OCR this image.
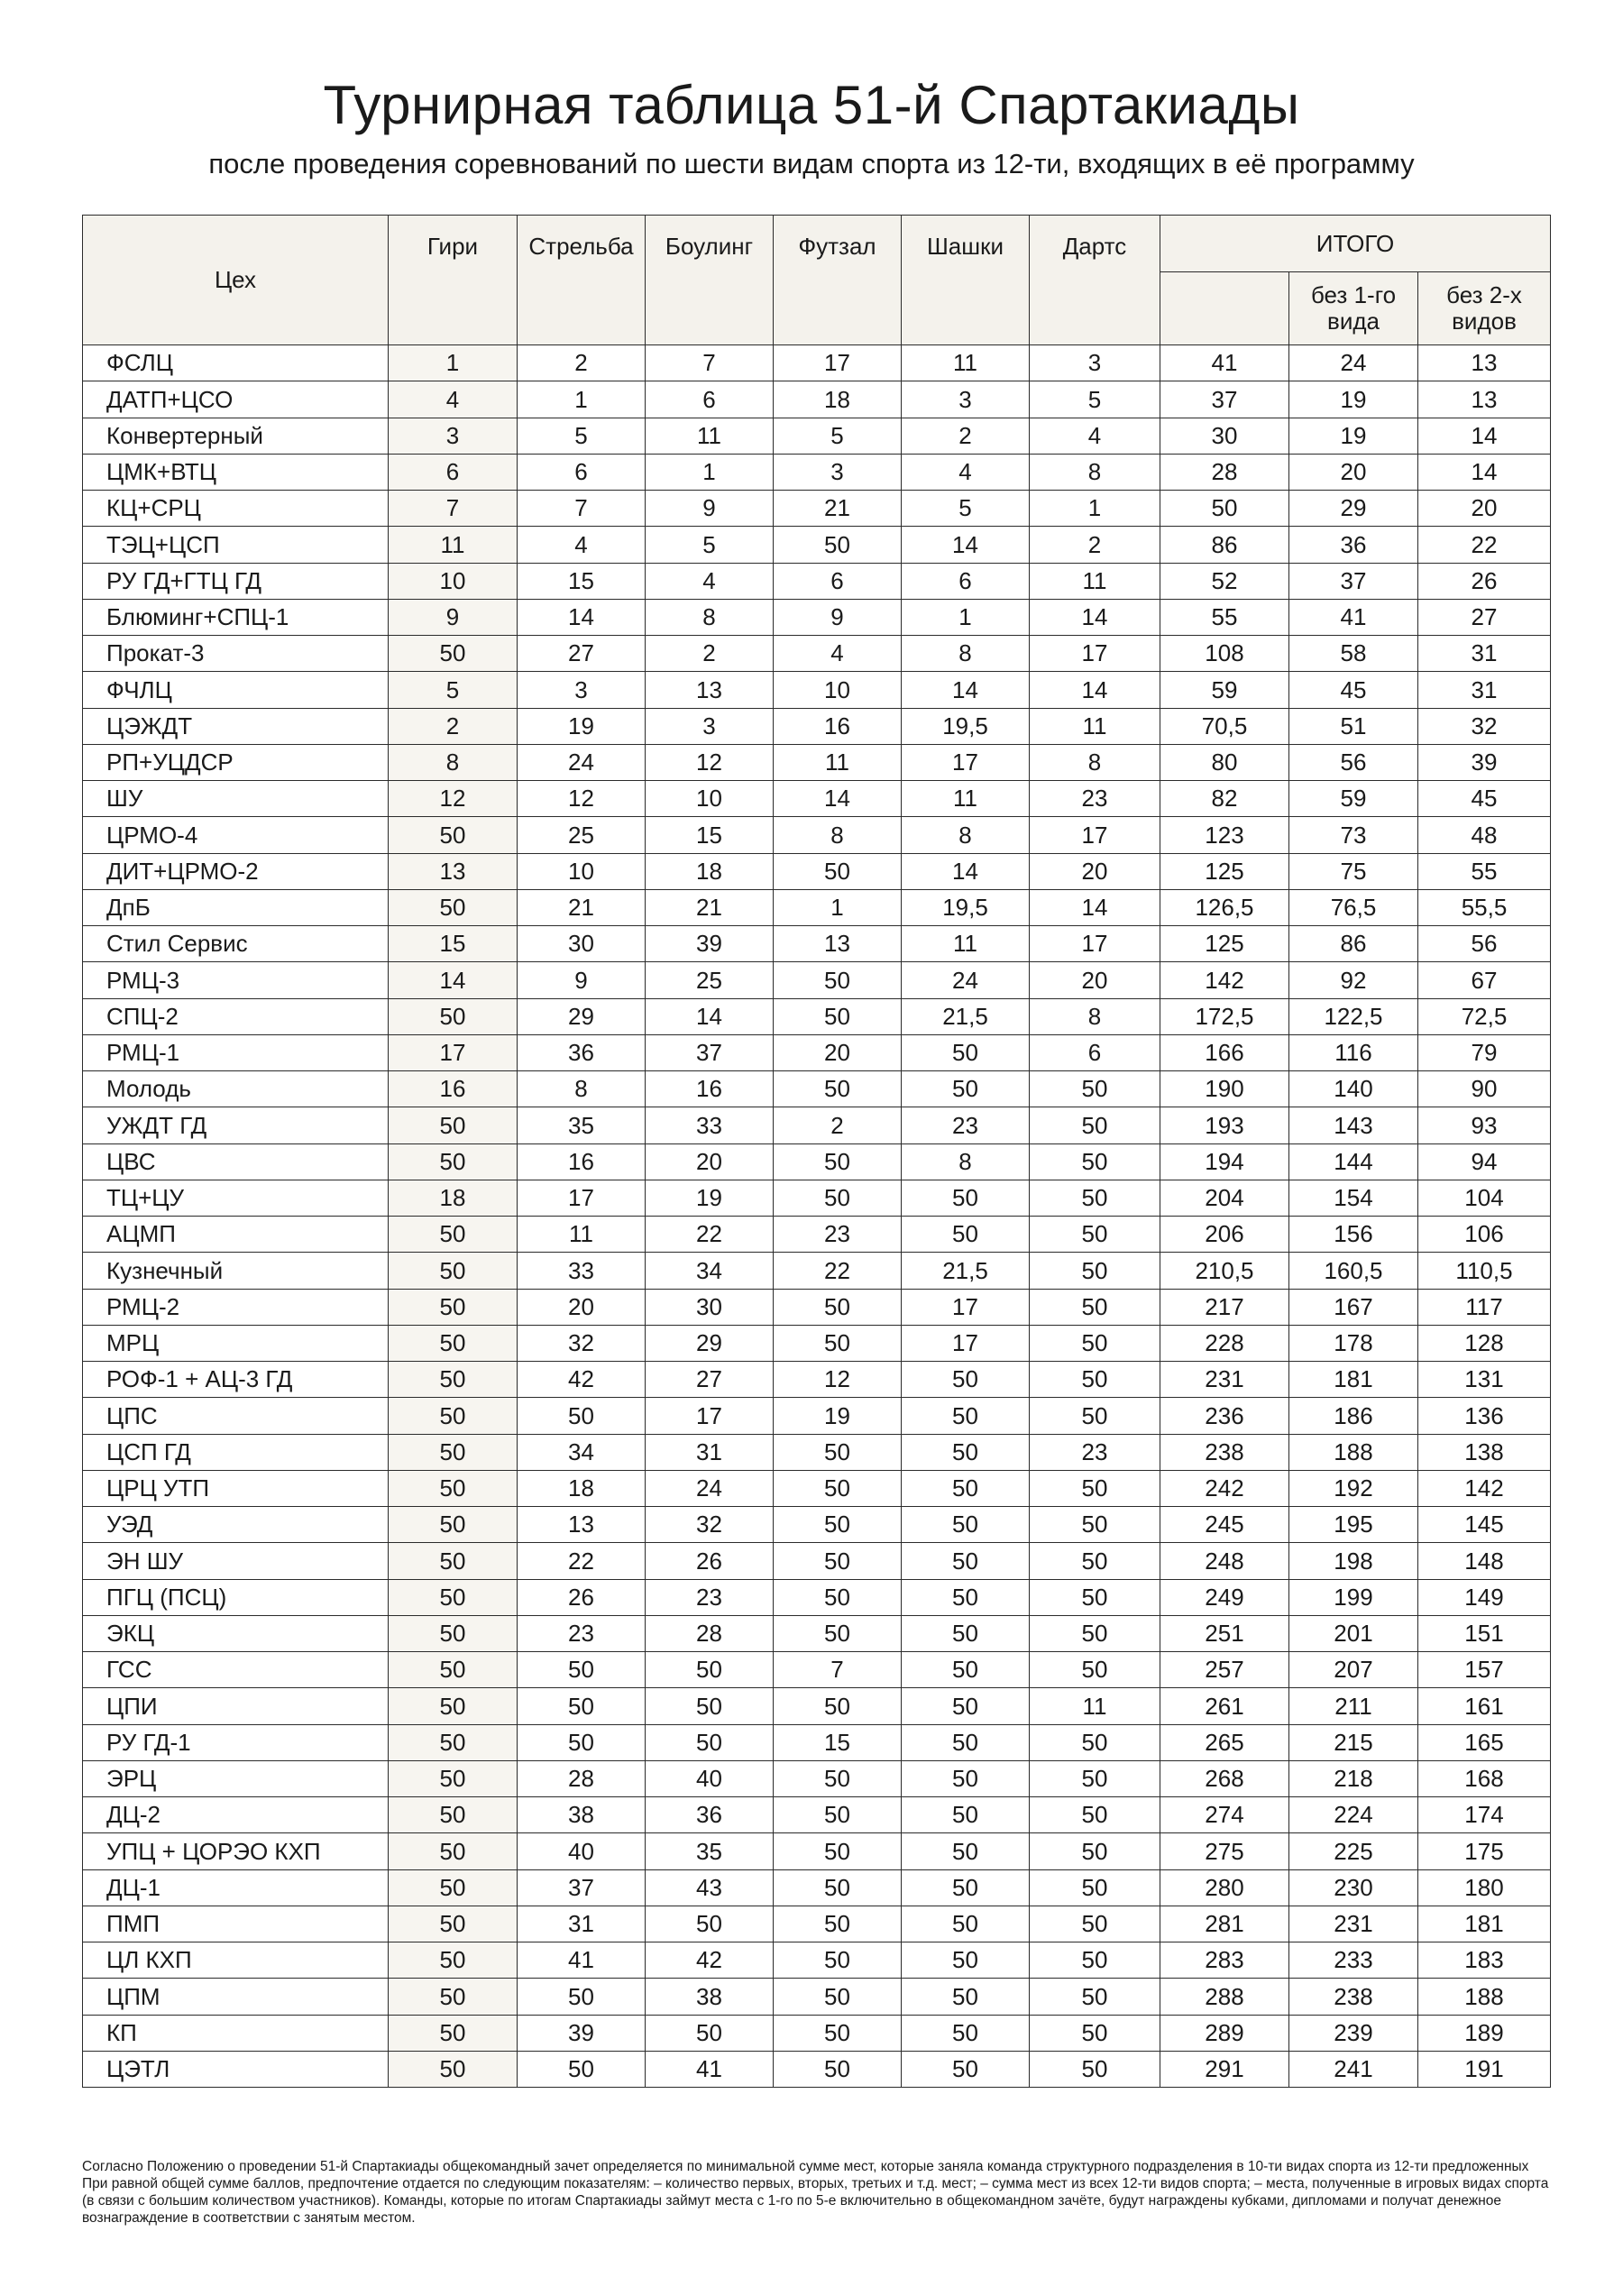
Турнирная таблица 51-й Спартакиады

после проведения соревнований по шести видам спорта из 12-ти, входящих в её программу

Цех	Гири	Стрельба	Боулинг	Футзал	Шашки	Дартс	ИТОГО		
								без 1-го вида	без 2-х видов
ФСЛЦ	1	2	7	17	11	3	41	24	13
ДАТП+ЦСО	4	1	6	18	3	5	37	19	13
Конвертерный	3	5	11	5	2	4	30	19	14
ЦМК+ВТЦ	6	6	1	3	4	8	28	20	14
КЦ+СРЦ	7	7	9	21	5	1	50	29	20
ТЭЦ+ЦСП	11	4	5	50	14	2	86	36	22
РУ ГД+ГТЦ ГД	10	15	4	6	6	11	52	37	26
Блюминг+СПЦ-1	9	14	8	9	1	14	55	41	27
Прокат-3	50	27	2	4	8	17	108	58	31
ФЧЛЦ	5	3	13	10	14	14	59	45	31
ЦЭЖДТ	2	19	3	16	19,5	11	70,5	51	32
РП+УЦДСР	8	24	12	11	17	8	80	56	39
ШУ	12	12	10	14	11	23	82	59	45
ЦРМО-4	50	25	15	8	8	17	123	73	48
ДИТ+ЦРМО-2	13	10	18	50	14	20	125	75	55
ДпБ	50	21	21	1	19,5	14	126,5	76,5	55,5
Стил Сервис	15	30	39	13	11	17	125	86	56
РМЦ-3	14	9	25	50	24	20	142	92	67
СПЦ-2	50	29	14	50	21,5	8	172,5	122,5	72,5
РМЦ-1	17	36	37	20	50	6	166	116	79
Молодь	16	8	16	50	50	50	190	140	90
УЖДТ ГД	50	35	33	2	23	50	193	143	93
ЦВС	50	16	20	50	8	50	194	144	94
ТЦ+ЦУ	18	17	19	50	50	50	204	154	104
АЦМП	50	11	22	23	50	50	206	156	106
Кузнечный	50	33	34	22	21,5	50	210,5	160,5	110,5
РМЦ-2	50	20	30	50	17	50	217	167	117
МРЦ	50	32	29	50	17	50	228	178	128
РОФ-1 + АЦ-3 ГД	50	42	27	12	50	50	231	181	131
ЦПС	50	50	17	19	50	50	236	186	136
ЦСП ГД	50	34	31	50	50	23	238	188	138
ЦРЦ УТП	50	18	24	50	50	50	242	192	142
УЭД	50	13	32	50	50	50	245	195	145
ЭН ШУ	50	22	26	50	50	50	248	198	148
ПГЦ (ПСЦ)	50	26	23	50	50	50	249	199	149
ЭКЦ	50	23	28	50	50	50	251	201	151
ГСС	50	50	50	7	50	50	257	207	157
ЦПИ	50	50	50	50	50	11	261	211	161
РУ ГД-1	50	50	50	15	50	50	265	215	165
ЭРЦ	50	28	40	50	50	50	268	218	168
ДЦ-2	50	38	36	50	50	50	274	224	174
УПЦ + ЦОРЭО КХП	50	40	35	50	50	50	275	225	175
ДЦ-1	50	37	43	50	50	50	280	230	180
ПМП	50	31	50	50	50	50	281	231	181
ЦЛ КХП	50	41	42	50	50	50	283	233	183
ЦПМ	50	50	38	50	50	50	288	238	188
КП	50	39	50	50	50	50	289	239	189
ЦЭТЛ	50	50	41	50	50	50	291	241	191

Согласно Положению о проведении 51-й Спартакиады общекомандный зачет определяется по минимальной сумме мест, которые заняла команда структурного подразделения в 10-ти видах спорта из 12-ти предложенных При равной общей сумме баллов, предпочтение отдается по следующим показателям: – количество первых, вторых, третьих и т.д. мест; – сумма мест из всех 12-ти видов спорта; – места, полученные в игровых видах спорта (в связи с большим количеством участников). Команды, которые по итогам Спартакиады займут места с 1-го по 5-е включительно в общекомандном зачёте, будут награждены кубками, дипломами и получат денежное вознаграждение в соответствии с занятым местом.
